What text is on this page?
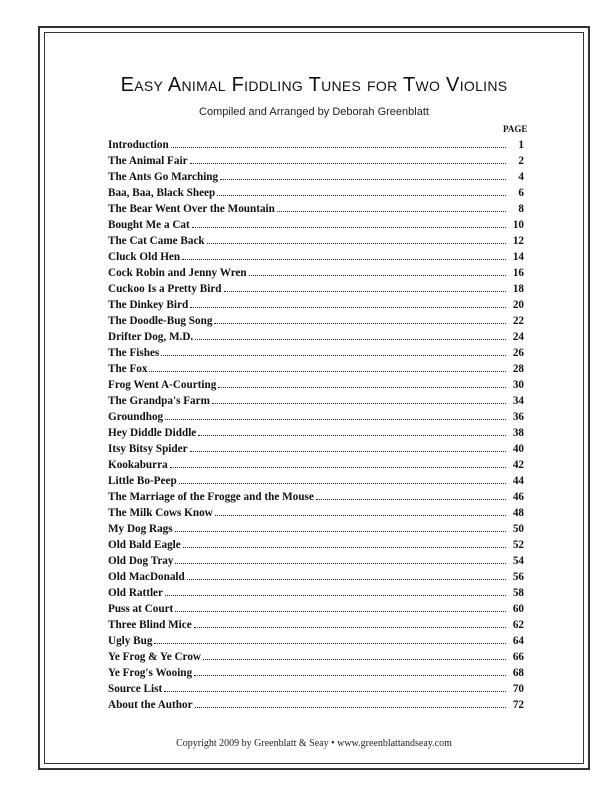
Easy Animal Fiddling Tunes for Two Violins
Compiled and Arranged by Deborah Greenblatt
PAGE
Introduction	1
The Animal Fair	2
The Ants Go Marching	4
Baa, Baa, Black Sheep	6
The Bear Went Over the Mountain	8
Bought Me a Cat	10
The Cat Came Back	12
Cluck Old Hen	14
Cock Robin and Jenny Wren	16
Cuckoo Is a Pretty Bird	18
The Dinkey Bird	20
The Doodle-Bug Song	22
Drifter Dog, M.D.	24
The Fishes	26
The Fox	28
Frog Went A-Courting	30
The Grandpa's Farm	34
Groundhog	36
Hey Diddle Diddle	38
Itsy Bitsy Spider	40
Kookaburra	42
Little Bo-Peep	44
The Marriage of the Frogge and the Mouse	46
The Milk Cows Know	48
My Dog Rags	50
Old Bald Eagle	52
Old Dog Tray	54
Old MacDonald	56
Old Rattler	58
Puss at Court	60
Three Blind Mice	62
Ugly Bug	64
Ye Frog & Ye Crow	66
Ye Frog's Wooing	68
Source List	70
About the Author	72
Copyright 2009 by Greenblatt & Seay • www.greenblattandseay.com
